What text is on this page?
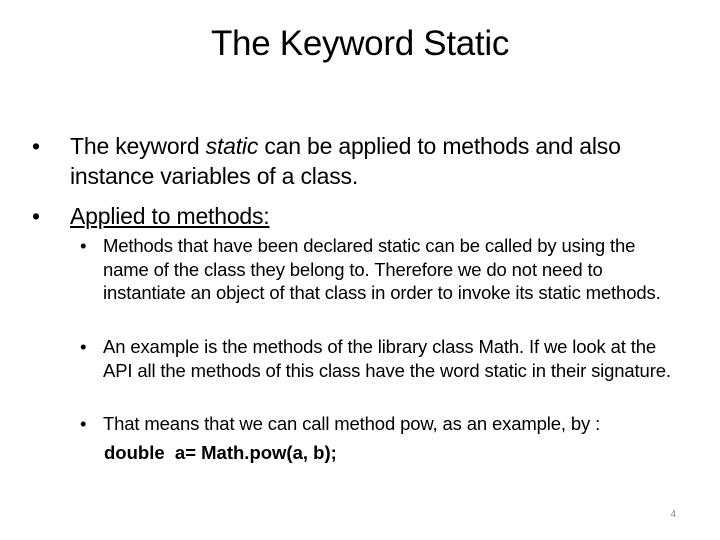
The Keyword Static
• The keyword static can be applied to methods and also instance variables of a class.
• Applied to methods:
• Methods that have been declared static can be called by using the name of the class they belong to. Therefore we do not need to instantiate an object of that class in order to invoke its static methods.
• An example is the methods of the library class Math. If we look at the API all the methods of this class have the word static in their signature.
• That means that we can call method pow, as an example, by :
double  a= Math.pow(a, b);
4
